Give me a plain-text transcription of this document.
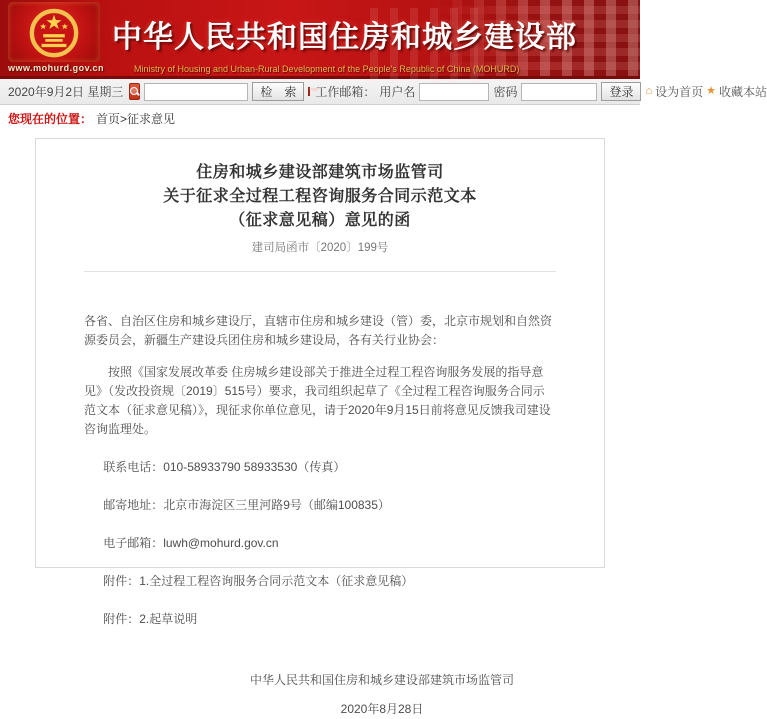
www.mohurd.gov.cn
中华人民共和国住房和城乡建设部
Ministry of Housing and Urban-Rural Development of the People's Republic of China (MOHURD)
2020年9月2日 星期三	检　索	工作邮箱： 用户名	密码	登录	⌂ 设为首页 ★ 收藏本站
您现在的位置： 首页>征求意见
住房和城乡建设部建筑市场监管司
关于征求全过程工程咨询服务合同示范文本
（征求意见稿）意见的函
建司局函市〔2020〕199号
各省、自治区住房和城乡建设厅，直辖市住房和城乡建设（管）委，北京市规划和自然资源委员会，新疆生产建设兵团住房和城乡建设局，各有关行业协会：
按照《国家发展改革委 住房城乡建设部关于推进全过程工程咨询服务发展的指导意见》（发改投资规〔2019〕515号）要求，我司组织起草了《全过程工程咨询服务合同示范文本（征求意见稿）》，现征求你单位意见，请于2020年9月15日前将意见反馈我司建设咨询监理处。
联系电话：010-58933790 58933530（传真）
邮寄地址：北京市海淀区三里河路9号（邮编100835）
电子邮箱：luwh@mohurd.gov.cn
附件：1.全过程工程咨询服务合同示范文本（征求意见稿）
附件：2.起草说明
中华人民共和国住房和城乡建设部建筑市场监管司
2020年8月28日
